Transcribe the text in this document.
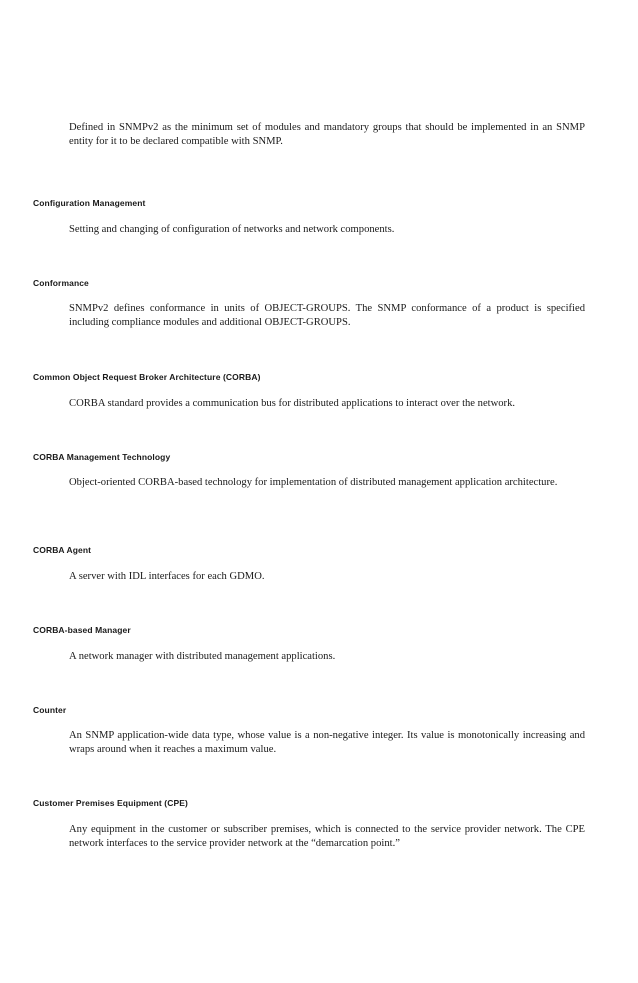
Defined in SNMPv2 as the minimum set of modules and mandatory groups that should be implemented in an SNMP entity for it to be declared compatible with SNMP.

Configuration Management

Setting and changing of configuration of networks and network components.

Conformance

SNMPv2 defines conformance in units of OBJECT-GROUPS. The SNMP conformance of a product is specified including compliance modules and additional OBJECT-GROUPS.

Common Object Request Broker Architecture (CORBA)

CORBA standard provides a communication bus for distributed applications to interact over the network.

CORBA Management Technology

Object-oriented CORBA-based technology for implementation of distributed management application architecture.

CORBA Agent

A server with IDL interfaces for each GDMO.

CORBA-based Manager

A network manager with distributed management applications.

Counter

An SNMP application-wide data type, whose value is a non-negative integer. Its value is monotonically increasing and wraps around when it reaches a maximum value.

Customer Premises Equipment (CPE)

Any equipment in the customer or subscriber premises, which is connected to the service provider network. The CPE network interfaces to the service provider network at the “demarcation point.”
